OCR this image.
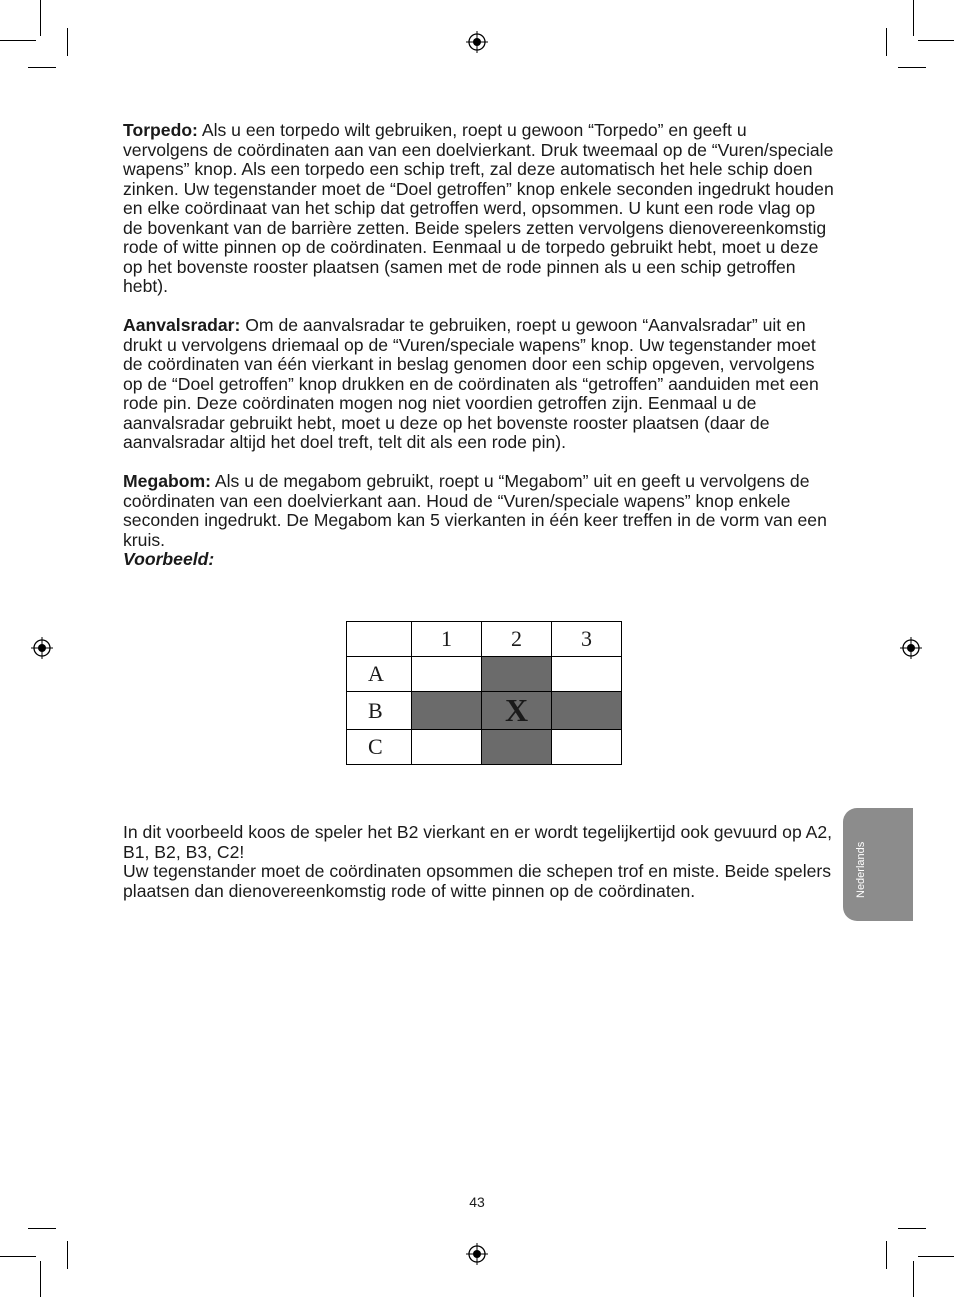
Torpedo: Als u een torpedo wilt gebruiken, roept u gewoon “Torpedo” en geeft u vervolgens de coördinaten aan van een doelvierkant. Druk tweemaal op de “Vuren/speciale wapens” knop. Als een torpedo een schip treft, zal deze automatisch het hele schip doen zinken. Uw tegenstander moet de “Doel getroffen” knop enkele seconden ingedrukt houden en elke coördinaat van het schip dat getroffen werd, opsommen. U kunt een rode vlag op de bovenkant van de barrière zetten. Beide spelers zetten vervolgens dienovereenkomstig rode of witte pinnen op de coördinaten. Eenmaal u de torpedo gebruikt hebt, moet u deze op het bovenste rooster plaatsen (samen met de rode pinnen als u een schip getroffen hebt).

Aanvalsradar: Om de aanvalsradar te gebruiken, roept u gewoon “Aanvalsradar” uit en drukt u vervolgens driemaal op de “Vuren/speciale wapens” knop. Uw tegenstander moet de coördinaten van één vierkant in beslag genomen door een schip opgeven, vervolgens op de “Doel getroffen” knop drukken en de coördinaten als “getroffen” aanduiden met een rode pin. Deze coördinaten mogen nog niet voordien getroffen zijn. Eenmaal u de aanvalsradar gebruikt hebt, moet u deze op het bovenste rooster plaatsen (daar de aanvalsradar altijd het doel treft, telt dit als een rode pin).

Megabom: Als u de megabom gebruikt, roept u “Megabom” uit en geeft u vervolgens de coördinaten van een doelvierkant aan. Houd de “Vuren/speciale wapens” knop enkele seconden ingedrukt. De Megabom kan 5 vierkanten in één keer treffen in de vorm van een kruis.
Voorbeeld:

	1	2	3
A			
B		X	
C			
In dit voorbeeld koos de speler het B2 vierkant en er wordt tegelijkertijd ook gevuurd op A2, B1, B2, B3, C2!
Uw tegenstander moet de coördinaten opsommen die schepen trof en miste. Beide spelers plaatsen dan dienovereenkomstig rode of witte pinnen op de coördinaten.	Nederlands
43
